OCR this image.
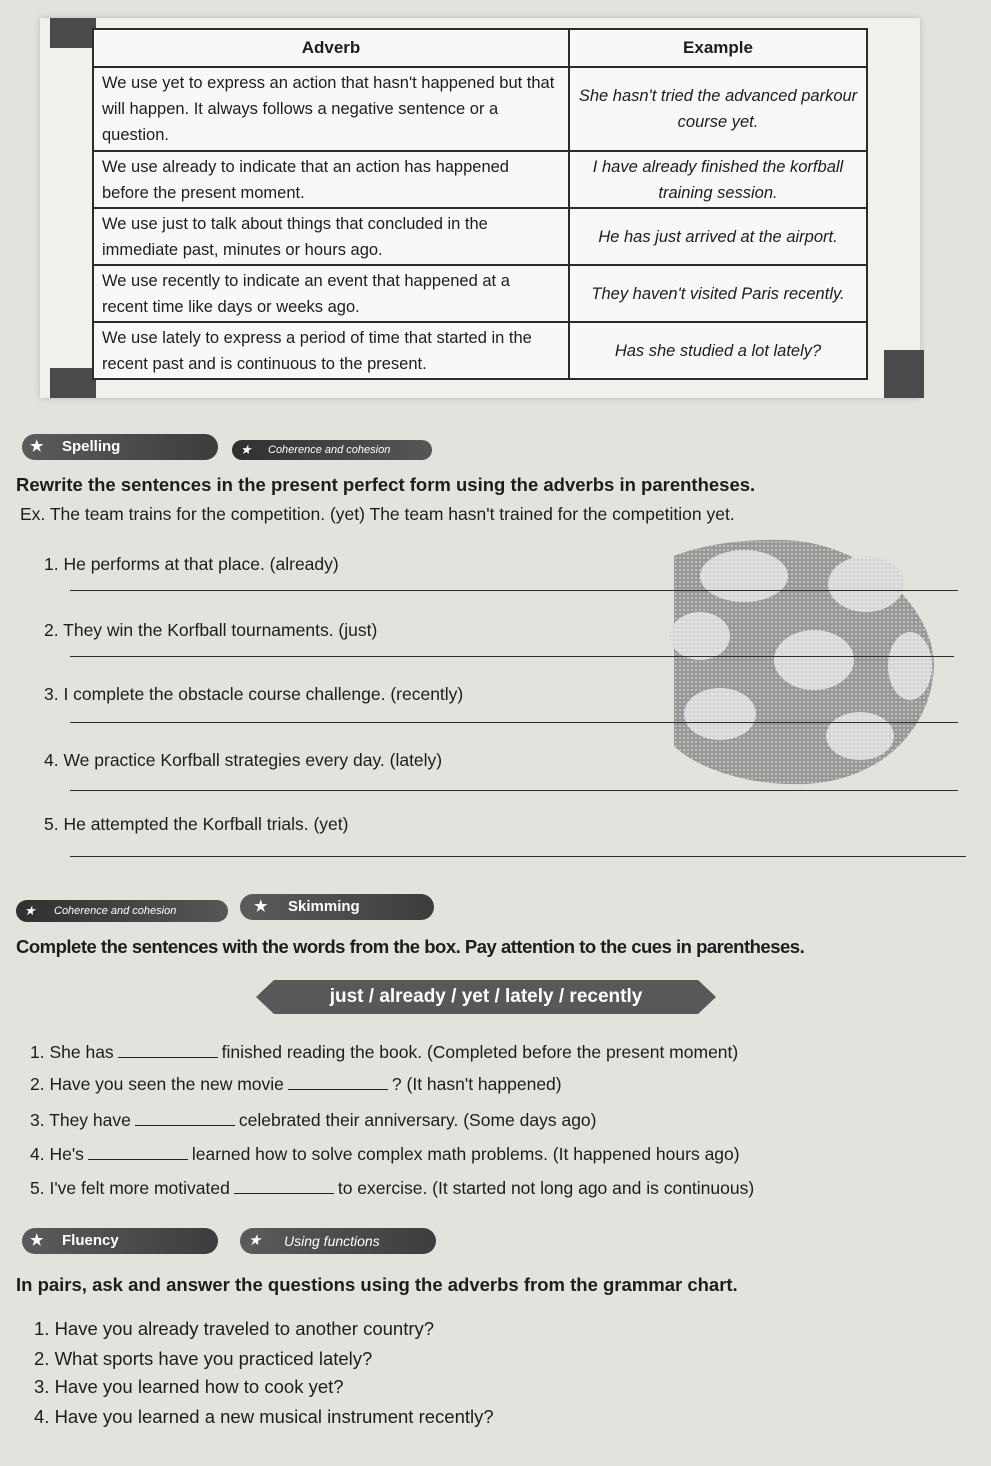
Adverb	Example
We use yet to express an action that hasn't happened but that will happen. It always follows a negative sentence or a question.	She hasn't tried the advanced parkour course yet.
We use already to indicate that an action has happened before the present moment.	I have already finished the korfball training session.
We use just to talk about things that concluded in the immediate past, minutes or hours ago.	He has just arrived at the airport.
We use recently to indicate an event that happened at a recent time like days or weeks ago.	They haven't visited Paris recently.
We use lately to express a period of time that started in the recent past and is continuous to the present.	Has she studied a lot lately?
★ Spelling	★ Coherence and cohesion
Rewrite the sentences in the present perfect form using the adverbs in parentheses.
Ex. The team trains for the competition. (yet) The team hasn't trained for the competition yet.
1. He performs at that place. (already)
2. They win the Korfball tournaments. (just)
3. I complete the obstacle course challenge. (recently)
4. We practice Korfball strategies every day. (lately)
5. He attempted the Korfball trials. (yet)
★ Coherence and cohesion	★ Skimming
Complete the sentences with the words from the box. Pay attention to the cues in parentheses.
just / already / yet / lately / recently
1. She has	finished reading the book. (Completed before the present moment)
2. Have you seen the new movie	? (It hasn't happened)
3. They have	celebrated their anniversary. (Some days ago)
4. He's	learned how to solve complex math problems. (It happened hours ago)
5. I've felt more motivated	to exercise. (It started not long ago and is continuous)
★ Fluency	★ Using functions
In pairs, ask and answer the questions using the adverbs from the grammar chart.
1. Have you already traveled to another country?
2. What sports have you practiced lately?
3. Have you learned how to cook yet?
4. Have you learned a new musical instrument recently?
